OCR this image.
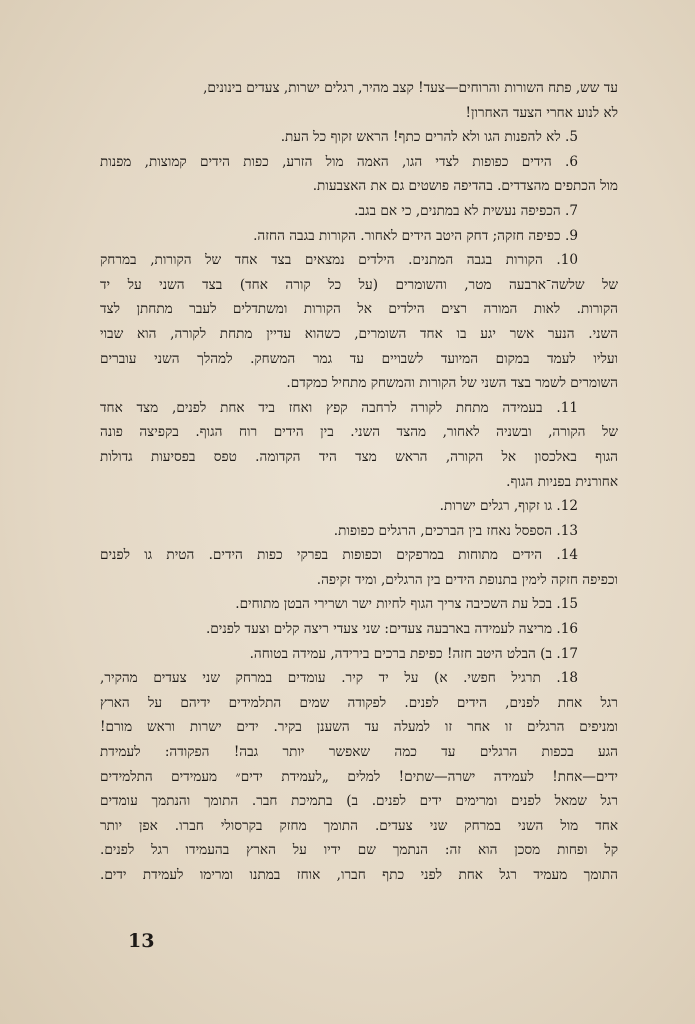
עד שש, פתח השורות והרוחים—צעד! קצב מהיר, רגלים ישרות, צעדים בינונים,
לא לנוע אחרי הצעד האחרון!
5. לא להפנות הגו ולא להרים כתף! הראש זקוף כל העת.
6. הידים כפופות לצדי הגו, האמה מול הזרע, כפות הידים קמוצות, מפנות
מול הכתפים מהצדדים. בהדיפה פושטים גם את האצבעות.
7. הכפיפה נעשית לא במתנים, כי אם בגב.
9. כפיפה חזקה; דחק היטב הידים לאחור. הקורות בגבה החזה.
10. הקורות בגבה המתנים. הילדים נמצאים בצד אחד של הקורות, במרחק
של שלשה־ארבעה מטר, והשומרים (על כל קורה אחד) בצד השני על יד
הקורות. לאות המורה רצים הילדים אל הקורות ומשתדלים לעבר מתחתן לצד
השני. הנער אשר יגע בו אחד השומרים, כשהוא עדיין מתחת לקורה, הוא שבוי
ועליו לעמד במקום המיועד לשבויים עד גמר המשחק. למהלך השני עוברים
השומרים לשמר בצד השני של הקורות והמשחק מתחיל כמקדם.
11. בעמידה מתחת לקורה לרחבה קפץ ואחז ביד אחת לפנים, מצד אחד
של הקורה, ובשניה לאחור, מהצד השני. בין הידים רוח הגוף. בקפיצה פונה
הגוף באלכסון אל הקורה, הראש מצד היד הקדומה. טפס בפסיעות גדולות
אחורנית בפניות הגוף.
12. גו זקוף, רגלים ישרות.
13. הספסל נאחז בין הברכים, הרגלים כפופות.
14. הידים מתוחות במרפקים וכפופות בפרקי כפות הידים. הטית גו לפנים
וכפיפה חזקה לימין בתנופת הידים בין הרגלים, ומיד זקיפה.
15. בכל עת השכיבה צריך הגוף לחיות ישר ושרירי הבטן מתוחים.
16. מריצה לעמידה בארבעה צעדים: שני צעדי ריצה קלים וצעד לפנים.
17. ב) הבלט היטב חזה! כפיפת ברכים בירידה, עמידה בטוחה.
18. תרגיל חפשי. א) על יד קיר. עומדים במרחק שני צעדים מהקיר,
רגל אחת לפנים, הידים לפנים. לפקודה שמים התלמידים ידיהם על הארץ
ומניפים הרגלים זו אחר זו למעלה עד השענן בקיר. ידים ישרות וראש מורם!
הגע בכפות הרגלים עד כמה שאפשר יותר גבה! הפקודה: לעמידת
ידים—אחת! לעמידה ישרה—שתים! למלים „לעמידת ידים״ מעמידים התלמידים
רגל שמאל לפנים ומרימים ידים לפנים. ב) בתמיכת חבר. התומך והנתמך עומדים
אחד מול השני במרחק שני צעדים. התומך מחזק בקרסולי חברו. אפן יותר
קל ופחות מסכן הוא זה: הנתמך שם ידיו על הארץ בהעמידו רגל לפנים.
התומך מעמיד רגל אחת לפני כתף חברו, אוחז במתנו ומרימו לעמידת ידים.
13
